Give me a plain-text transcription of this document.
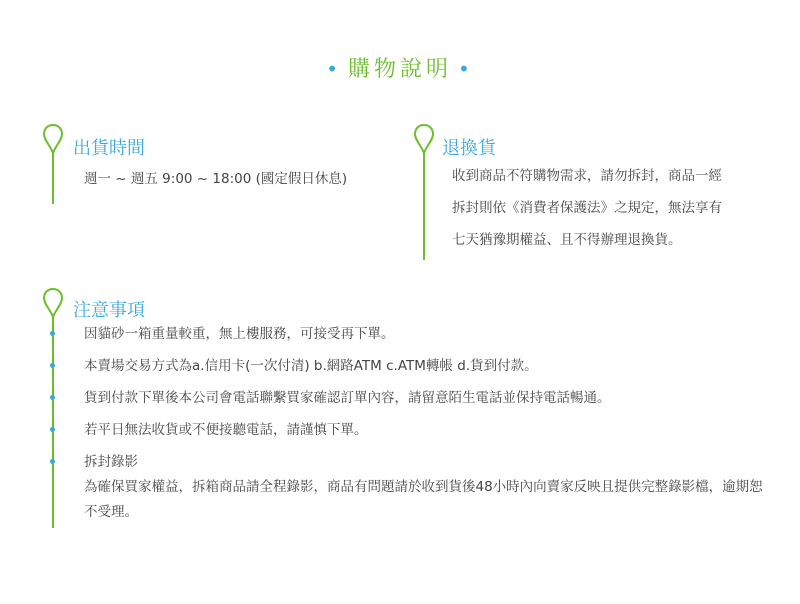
• 購物說明 •
出貨時間
週一 ~ 週五 9:00 ~ 18:00 (國定假日休息)
退換貨
收到商品不符購物需求，請勿拆封，商品一經
拆封則依《消費者保護法》之規定，無法享有
七天猶豫期權益、且不得辦理退換貨。
注意事項
因貓砂一箱重量較重，無上樓服務，可接受再下單。
本賣場交易方式為a.信用卡(一次付清) b.網路ATM c.ATM轉帳 d.貨到付款。
貨到付款下單後本公司會電話聯繫買家確認訂單內容，請留意陌生電話並保持電話暢通。
若平日無法收貨或不便接聽電話，請謹慎下單。
拆封錄影
為確保買家權益，拆箱商品請全程錄影，商品有問題請於收到貨後48小時內向賣家反映且提供完整錄影檔，逾期恕不受理。
